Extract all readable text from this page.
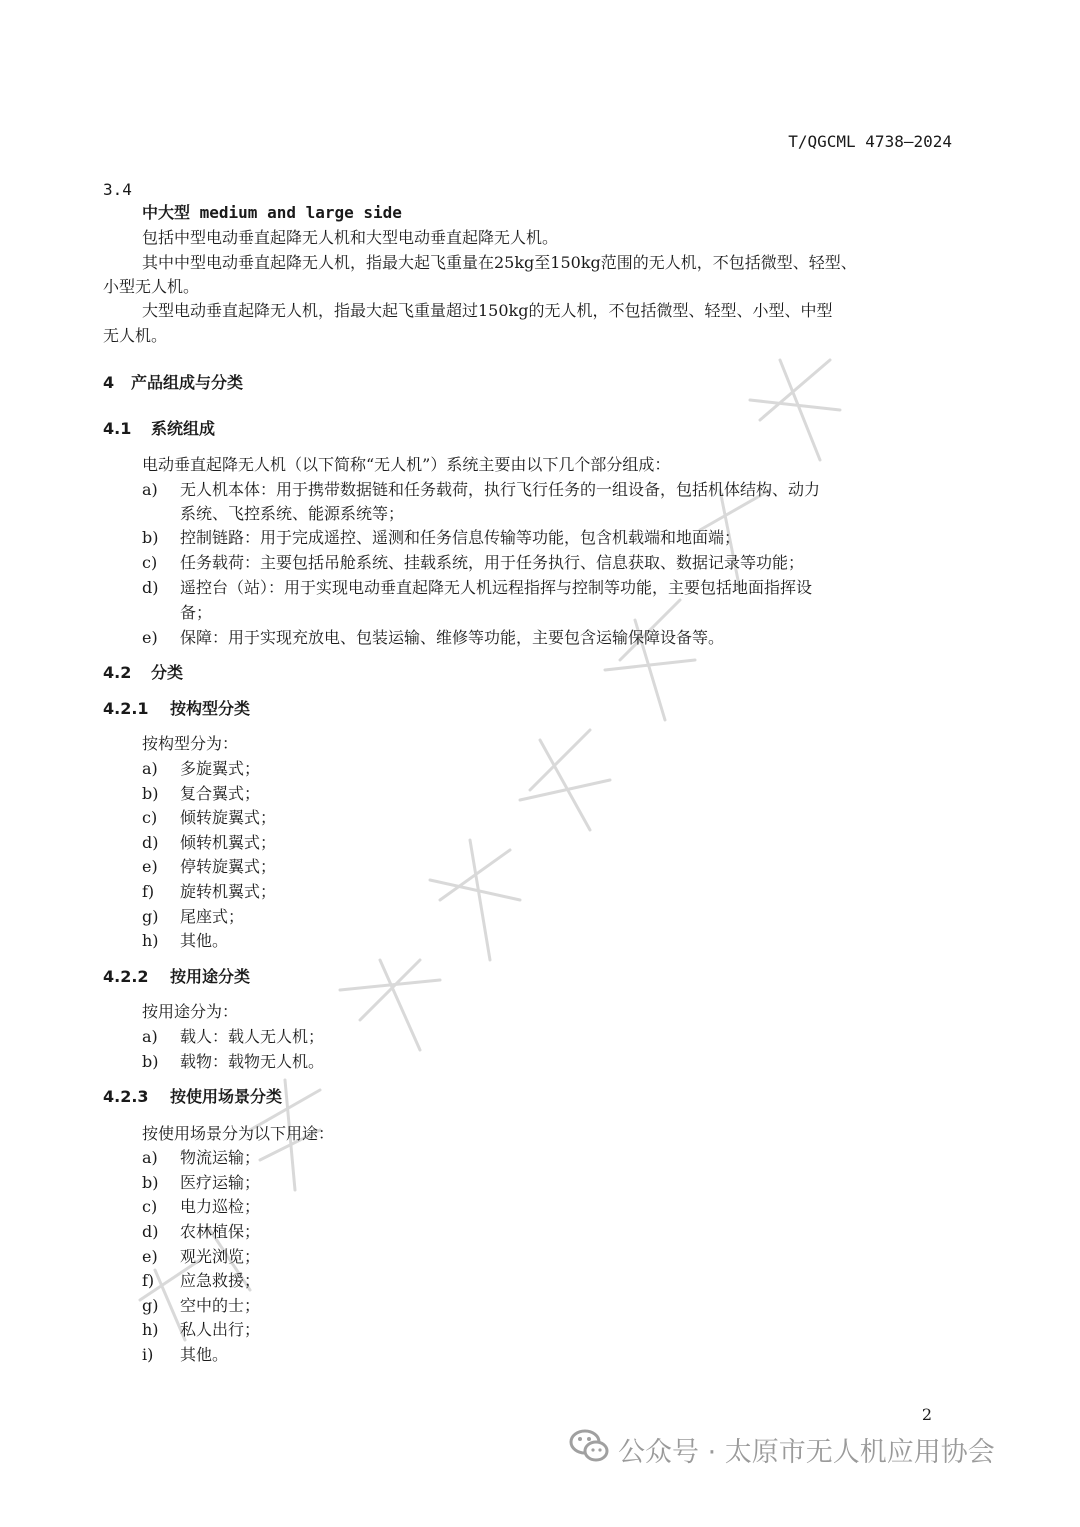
T/QGCML 4738—2024
3.4
中大型 medium and large side
包括中型电动垂直起降无人机和大型电动垂直起降无人机。
其中中型电动垂直起降无人机，指最大起飞重量在25kg至150kg范围的无人机，不包括微型、轻型、
小型无人机。
大型电动垂直起降无人机，指最大起飞重量超过150kg的无人机，不包括微型、轻型、小型、中型
无人机。
4 产品组成与分类
4.1 系统组成
电动垂直起降无人机（以下简称“无人机”）系统主要由以下几个部分组成：
a) 无人机本体：用于携带数据链和任务载荷，执行飞行任务的一组设备，包括机体结构、动力
系统、飞控系统、能源系统等；
b) 控制链路：用于完成遥控、遥测和任务信息传输等功能，包含机载端和地面端；
c) 任务载荷：主要包括吊舱系统、挂载系统，用于任务执行、信息获取、数据记录等功能；
d) 遥控台（站）：用于实现电动垂直起降无人机远程指挥与控制等功能，主要包括地面指挥设
备；
e) 保障：用于实现充放电、包装运输、维修等功能，主要包含运输保障设备等。
4.2 分类
4.2.1 按构型分类
按构型分为：
a) 多旋翼式；
b) 复合翼式；
c) 倾转旋翼式；
d) 倾转机翼式；
e) 停转旋翼式；
f) 旋转机翼式；
g) 尾座式；
h) 其他。
4.2.2 按用途分类
按用途分为：
a) 载人：载人无人机；
b) 载物：载物无人机。
4.2.3 按使用场景分类
按使用场景分为以下用途：
a) 物流运输；
b) 医疗运输；
c) 电力巡检；
d) 农林植保；
e) 观光浏览；
f) 应急救援；
g) 空中的士；
h) 私人出行；
i) 其他。
2
公众号 · 太原市无人机应用协会
